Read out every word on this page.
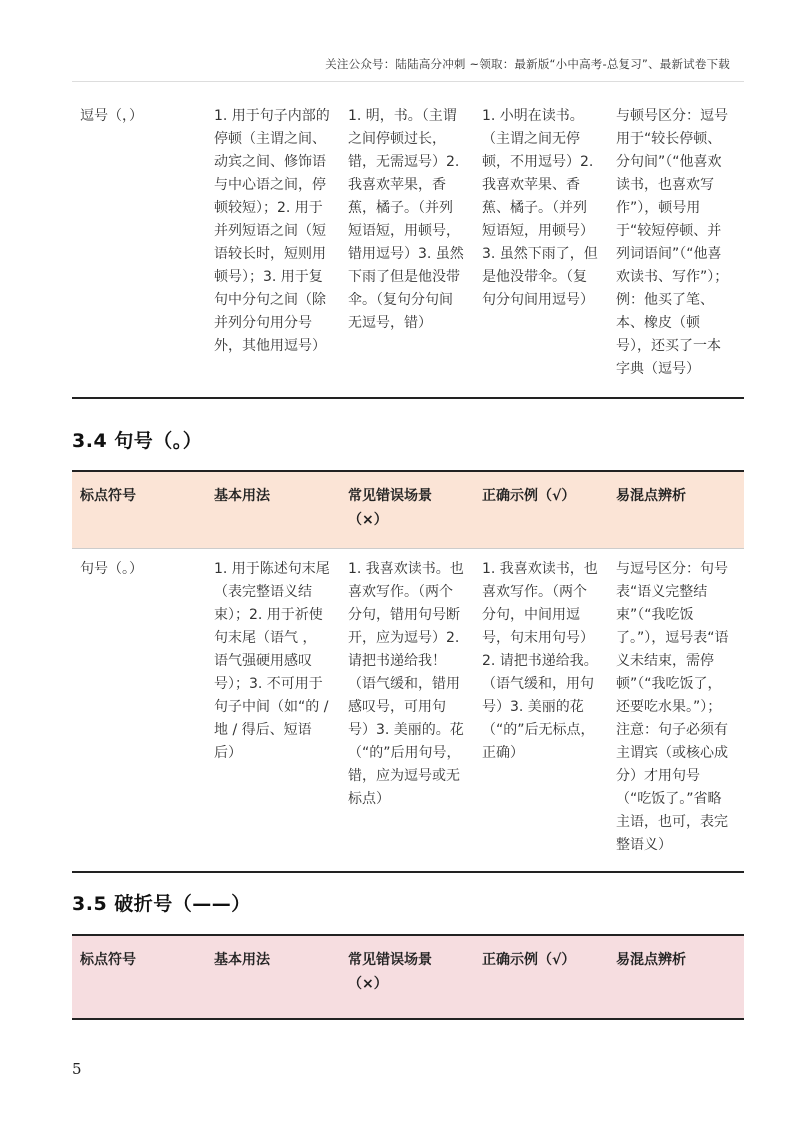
关注公众号：陆陆高分冲刺 ~领取：最新版“小中高考-总复习”、最新试卷下载
逗号（，）	1. 用于句子内部的停顿（主谓之间、动宾之间、修饰语与中心语之间，停顿较短）；2. 用于并列短语之间（短语较长时，短则用顿号）；3. 用于复句中分句之间（除并列分句用分号外，其他用逗号）	1. 明，书。（主谓之间停顿过长，错，无需逗号）2. 我喜欢苹果，香蕉，橘子。（并列短语短，用顿号，错用逗号）3. 虽然下雨了但是他没带伞。（复句分句间无逗号，错）	1. 小明在读书。（主谓之间无停顿，不用逗号）2. 我喜欢苹果、香蕉、橘子。（并列短语短，用顿号）3. 虽然下雨了，但是他没带伞。（复句分句间用逗号）	与顿号区分：逗号用于“较长停顿、分句间”（“他喜欢读书，也喜欢写作”），顿号用于“较短停顿、并列词语间”（“他喜欢读书、写作”）；例：他买了笔、本、橡皮（顿号），还买了一本字典（逗号）
3.4 句号（。）
标点符号	基本用法	常见错误场景（×）	正确示例（√）	易混点辨析
句号（。）	1. 用于陈述句末尾（表完整语义结束）；2. 用于祈使句末尾（语气 ，语气强硬用感叹号）；3. 不可用于句子中间（如“的 / 地 / 得后、短语后）	1. 我喜欢读书。也喜欢写作。（两个分句，错用句号断开，应为逗号）2. 请把书递给我！（语气缓和，错用感叹号，可用句号）3. 美丽的。花（“的”后用句号，错，应为逗号或无标点）	1. 我喜欢读书，也喜欢写作。（两个分句，中间用逗号，句末用句号）2. 请把书递给我。（语气缓和，用句号）3. 美丽的花（“的”后无标点，正确）	与逗号区分：句号表“语义完整结束”（“我吃饭了。”），逗号表“语义未结束，需停顿”（“我吃饭了，还要吃水果。”）；注意：句子必须有主谓宾（或核心成分）才用句号（“吃饭了。”省略主语，也可，表完整语义）
3.5 破折号（——）
标点符号	基本用法	常见错误场景（×）	正确示例（√）	易混点辨析
5
